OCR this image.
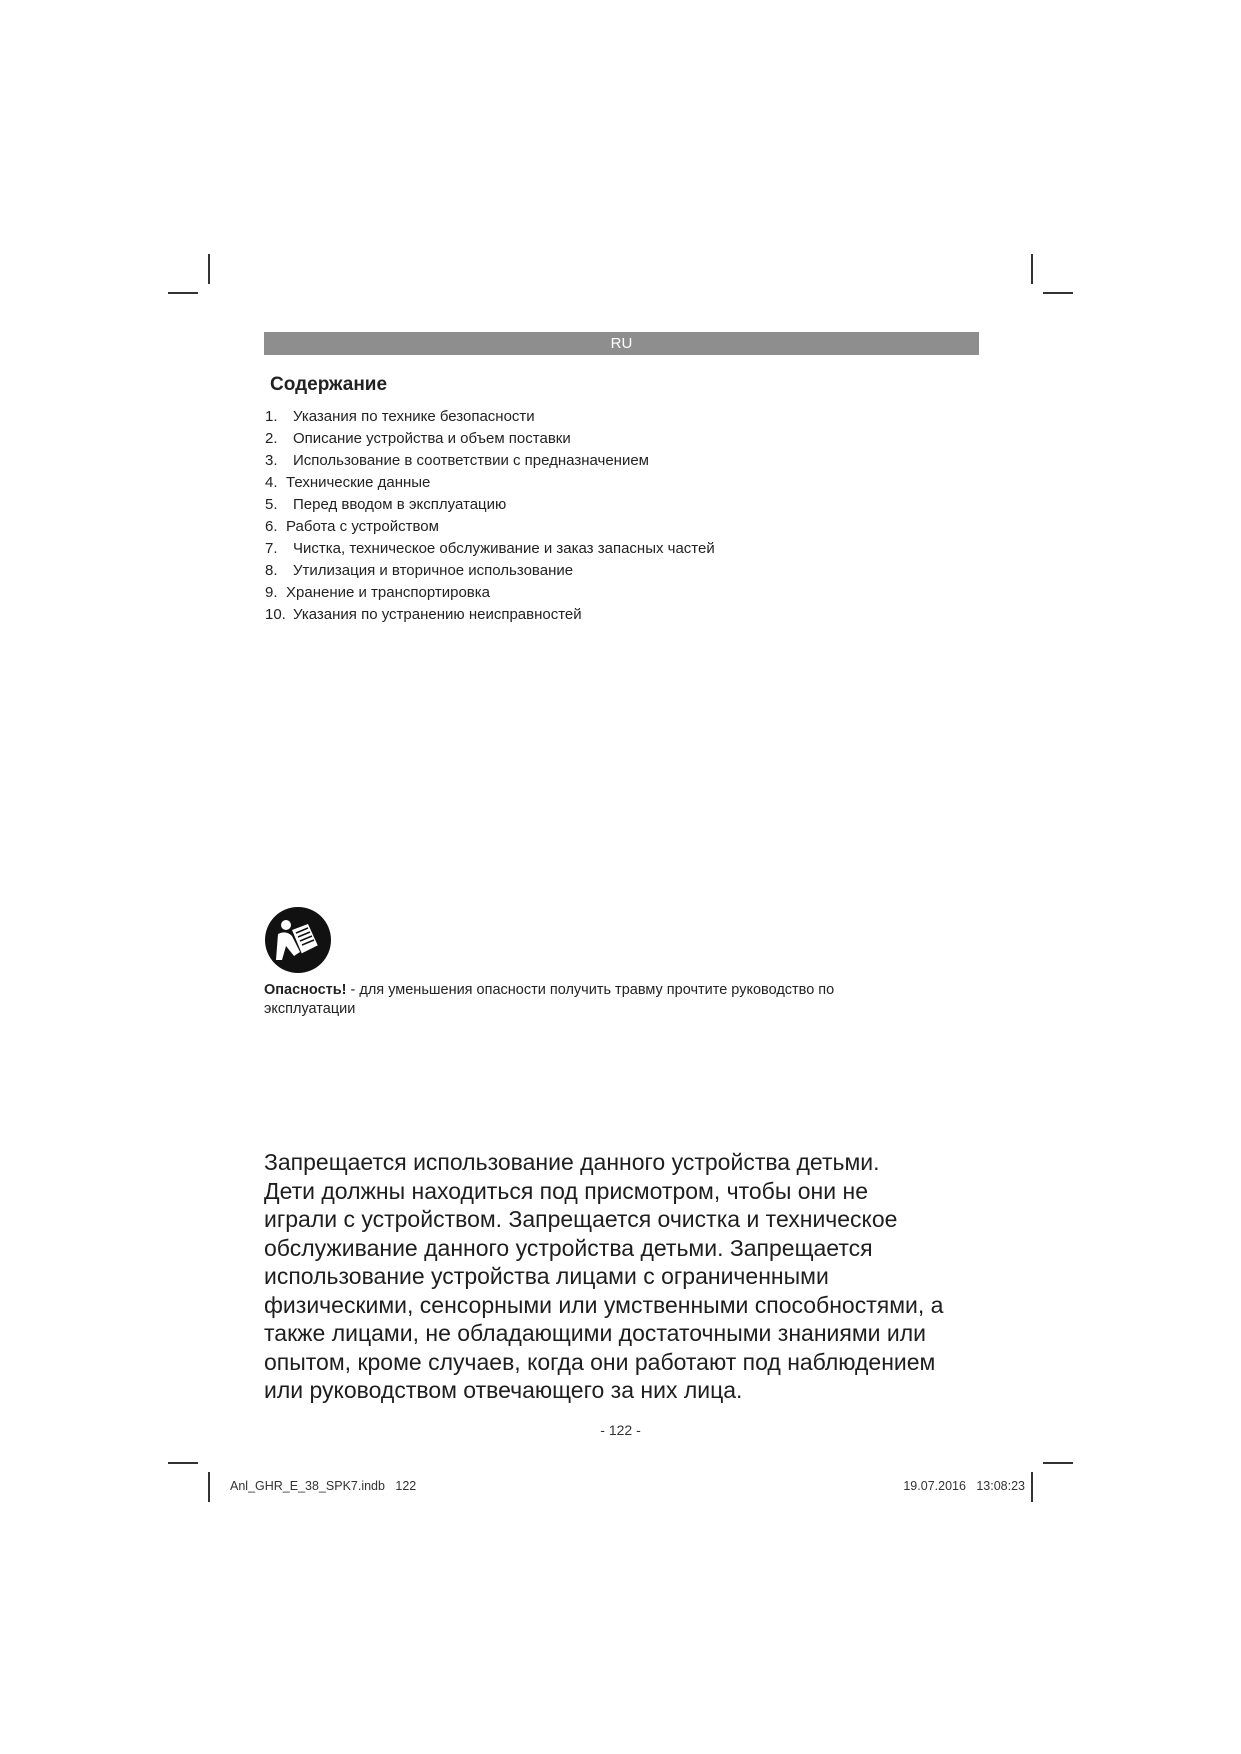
RU
Содержание
1. Указания по технике безопасности
2. Описание устройства и объем поставки
3. Использование в соответствии с предназначением
4. Технические данные
5. Перед вводом в эксплуатацию
6. Работа с устройством
7. Чистка, техническое обслуживание и заказ запасных частей
8. Утилизация и вторичное использование
9. Хранение и транспортировка
10. Указания по устранению неисправностей
Опасность! - для уменьшения опасности получить травму прочтите руководство по эксплуатации
Запрещается использование данного устройства детьми.
Дети должны находиться под присмотром, чтобы они не
играли с устройством. Запрещается очистка и техническое
обслуживание данного устройства детьми. Запрещается
использование устройства лицами с ограниченными
физическими, сенсорными или умственными способностями, а
также лицами, не обладающими достаточными знаниями или
опытом, кроме случаев, когда они работают под наблюдением
или руководством отвечающего за них лица.
- 122 -
Anl_GHR_E_38_SPK7.indb   122	19.07.2016   13:08:23
